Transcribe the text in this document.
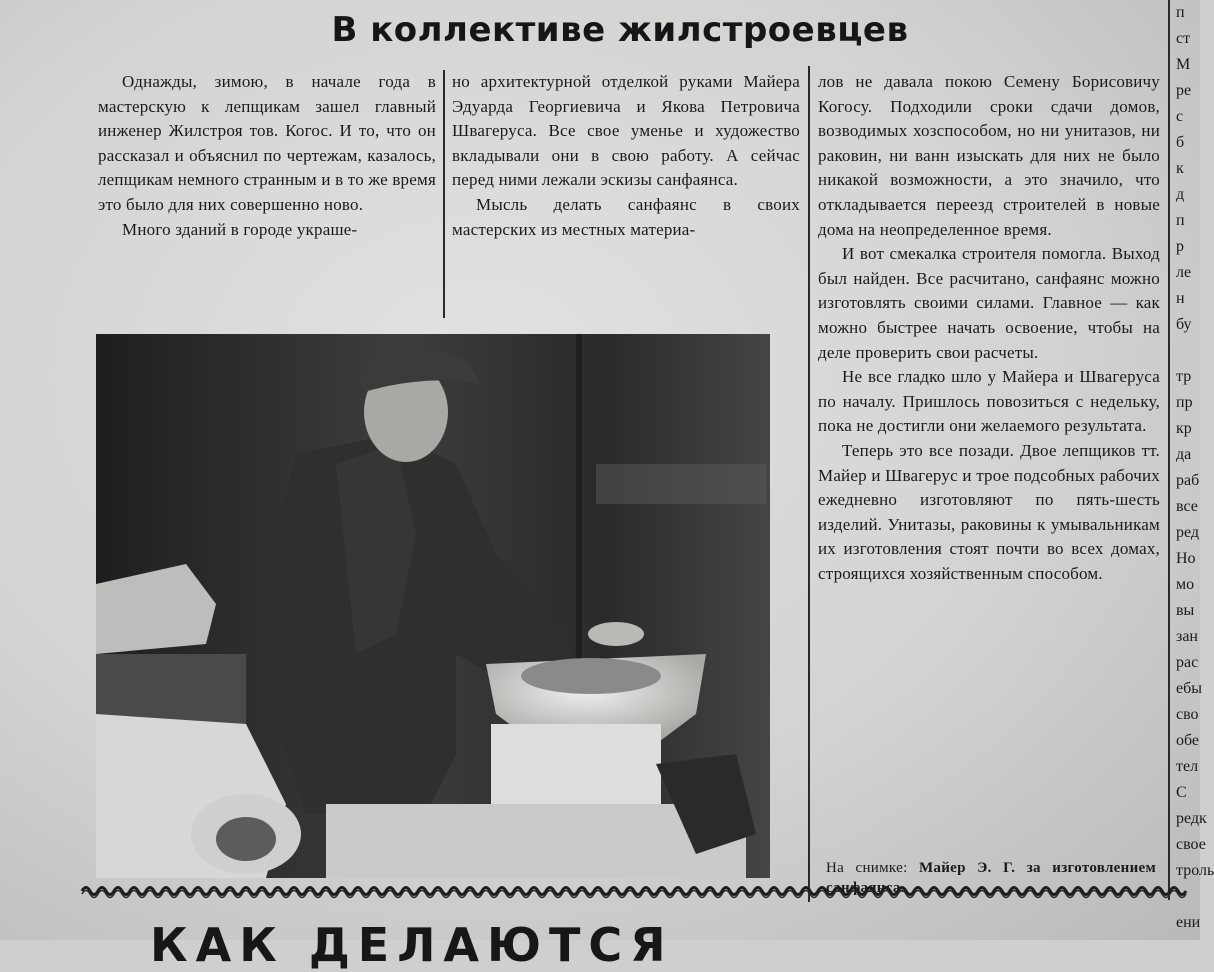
В коллективе жилстроевцев

Однажды, зимою, в начале года в мастерскую к лепщикам зашел главный инженер Жилстроя тов. Когос. И то, что он рассказал и объяснил по чертежам, казалось, лепщикам немного странным и в то же время это было для них совершенно ново.

Много зданий в городе украше-

но архитектурной отделкой руками Майера Эдуарда Георгиевича и Якова Петровича Швагеруса. Все свое уменье и художество вкладывали они в свою работу. А сейчас перед ними лежали эскизы санфаянса.

Мысль делать санфаянс в своих мастерских из местных материа-

лов не давала покою Семену Борисовичу Когосу. Подходили сроки сдачи домов, возводимых хозспособом, но ни унитазов, ни раковин, ни ванн изыскать для них не было никакой возможности, а это значило, что откладывается переезд строителей в новые дома на неопределенное время.

И вот смекалка строителя помогла. Выход был найден. Все расчитано, санфаянс можно изготовлять своими силами. Главное — как можно быстрее начать освоение, чтобы на деле проверить свои расчеты.

Не все гладко шло у Майера и Швагеруса по началу. Пришлось повозиться с недельку, пока не достигли они желаемого результата.

Теперь это все позади. Двое лепщиков тт. Майер и Швагерус и трое подсобных рабочих ежедневно изготовляют по пять-шесть изделий. Унитазы, раковины к умывальникам их изготовления стоят почти во всех домах, строящихся хозяйственным способом.

На снимке: Майер Э. Г. за изготовлением санфаянса.

п
ст
М
ре
с
б
к
д
п
р
ле
н
бу

тр
пр
кр
да
раб
все
ред
Но
мо
вы
зан
рас
ебы
сво
обе
тел
С
редк
свое
троль

ени
КАК ДЕЛАЮТСЯ
